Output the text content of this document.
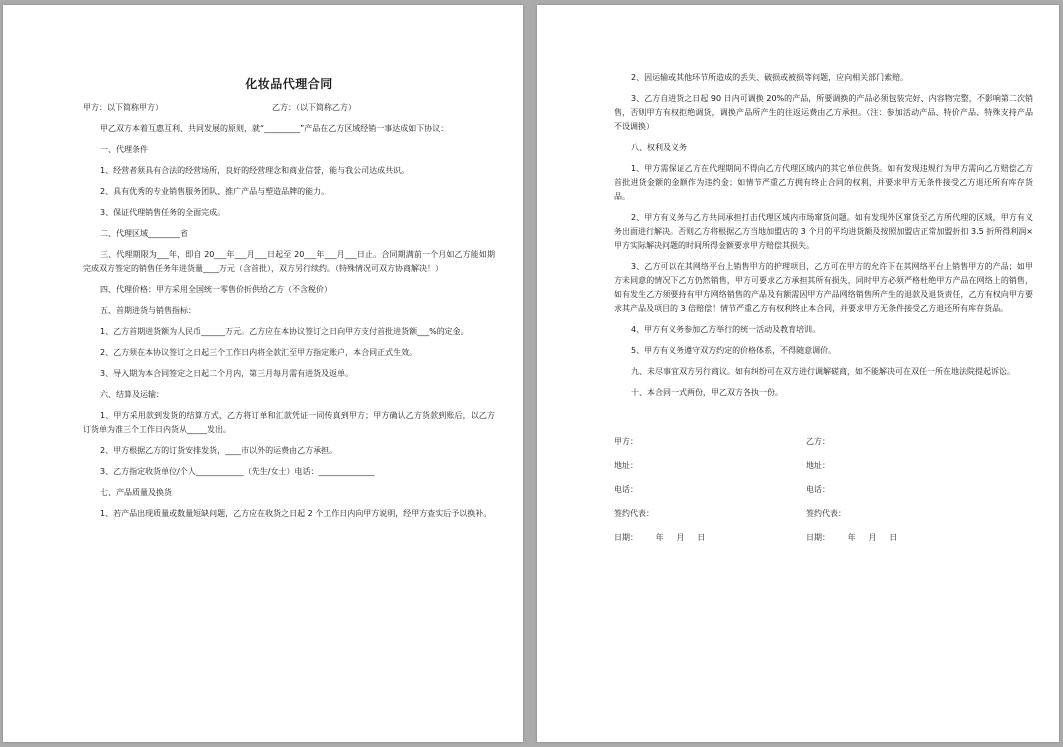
化妆品代理合同
甲方：以下简称甲方）	乙方：（以下简称乙方）

甲乙双方本着互惠互利、共同发展的原则，就“_________”产品在乙方区域经销一事达成如下协议：

一、代理条件

1、经营者须具有合法的经营场所，良好的经营理念和商业信誉，能与我公司达成共识。

2、具有优秀的专业销售服务团队、推广产品与塑造品牌的能力。

3、保证代理销售任务的全面完成。

二、代理区域________省

三、代理期限为___年，即自 20___年___月___日起至 20___年___月___日止。合同期满前一个月如乙方能如期完成双方签定的销售任务年进货量____万元（含首批），双方另行续约。（特殊情况可双方协商解决！）

四、代理价格：甲方采用全国统一零售价折供给乙方（不含税价）

五、首期进货与销售指标：

1、乙方首期进货额为人民币______万元。乙方应在本协议签订之日向甲方支付首批进货额___%的定金。

2、乙方须在本协议签订之日起三个工作日内将全款汇至甲方指定账户，本合同正式生效。

3、导入期为本合同签定之日起二个月内，第三月每月需有进货及返单。

六、结算及运输：

1、甲方采用款到发货的结算方式，乙方将订单和汇款凭证一同传真到甲方；甲方确认乙方货款到账后，以乙方订货单为准三个工作日内货从_____发出。

2、甲方根据乙方的订货安排发货，____市以外的运费由乙方承担。

3、乙方指定收货单位/个人____________（先生/女士）电话：______________

七、产品质量及换货

1、若产品出现质量或数量短缺问题，乙方应在收货之日起 2 个工作日内向甲方说明，经甲方查实后予以换补。

2、因运输或其他环节所造成的丢失、破损或被损等问题，应向相关部门索赔。

3、乙方自进货之日起 90 日内可调换 20%的产品，所要调换的产品必须包装完好、内容物完整，不影响第二次销售，否则甲方有权拒绝调货，调换产品所产生的往返运费由乙方承担。（注：参加活动产品、特价产品、特殊支持产品不设调换）

八、权利及义务

1、甲方需保证乙方在代理期间不得向乙方代理区域内的其它单位供货。如有发现违规行为甲方需向乙方赔偿乙方首批进货金额的金额作为违约金；如情节严重乙方拥有终止合同的权利，并要求甲方无条件接受乙方退还所有库存货品。

2、甲方有义务与乙方共同承担打击代理区域内市场窜货问题。如有发现外区窜货至乙方所代理的区域，甲方有义务出面进行解决。否则乙方将根据乙方当地加盟店的 3 个月的平均进货额及按照加盟店正常加盟折扣 3.5 折所得利润×甲方实际解决问题的时间所得金额要求甲方赔偿其损失。

3、乙方可以在其网络平台上销售甲方的护理项目，乙方可在甲方的允许下在其网络平台上销售甲方的产品；如甲方未同意的情况下乙方仍然销售，甲方可要求乙方承担其所有损失，同时甲方必须严格杜绝甲方产品在网络上的销售，如有发生乙方须要持有甲方网络销售的产品及有额需因甲方产品网络销售所产生的退款及退货责任，乙方有权向甲方要求其产品及项目的 3 倍赔偿！情节严重乙方有权利终止本合同，并要求甲方无条件接受乙方退还所有库存货品。

4、甲方有义务参加乙方举行的统一活动及教育培训。

5、甲方有义务遵守双方约定的价格体系，不得随意调价。

九、未尽事宜双方另行商议。如有纠纷可在双方进行调解磋商，如不能解决可在双任一所在地法院提起诉讼。

十、本合同一式两份，甲乙双方各执一份。

甲方：	乙方：
地址：	地址：
电话：	电话：
签约代表：	签约代表：
日期：       年     月     日	日期：       年     月     日
